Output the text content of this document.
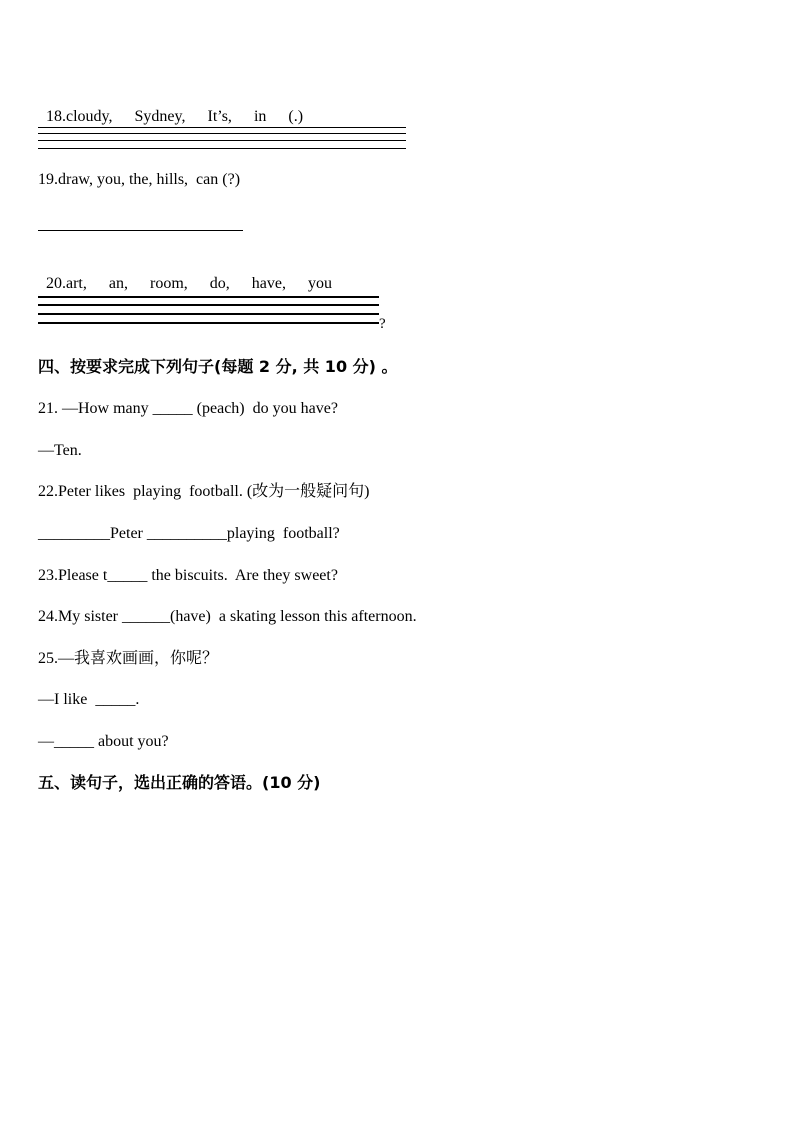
18.cloudy, Sydney, It’s, in (.)

19.draw, you, the, hills,  can (?)

20.art, an, room, do, have, you

?
四、按要求完成下列句子(每题 2 分, 共 10 分) 。
21. —How many _____ (peach)  do you have?
—Ten.
22.Peter likes  playing  football. (改为一般疑问句)
_________Peter __________playing  football?
23.Please t_____ the biscuits.  Are they sweet?
24.My sister ______(have)  a skating lesson this afternoon.
25.—我喜欢画画，你呢？
—I like  _____.
—_____ about you?
五、读句子，选出正确的答语。(10 分)
